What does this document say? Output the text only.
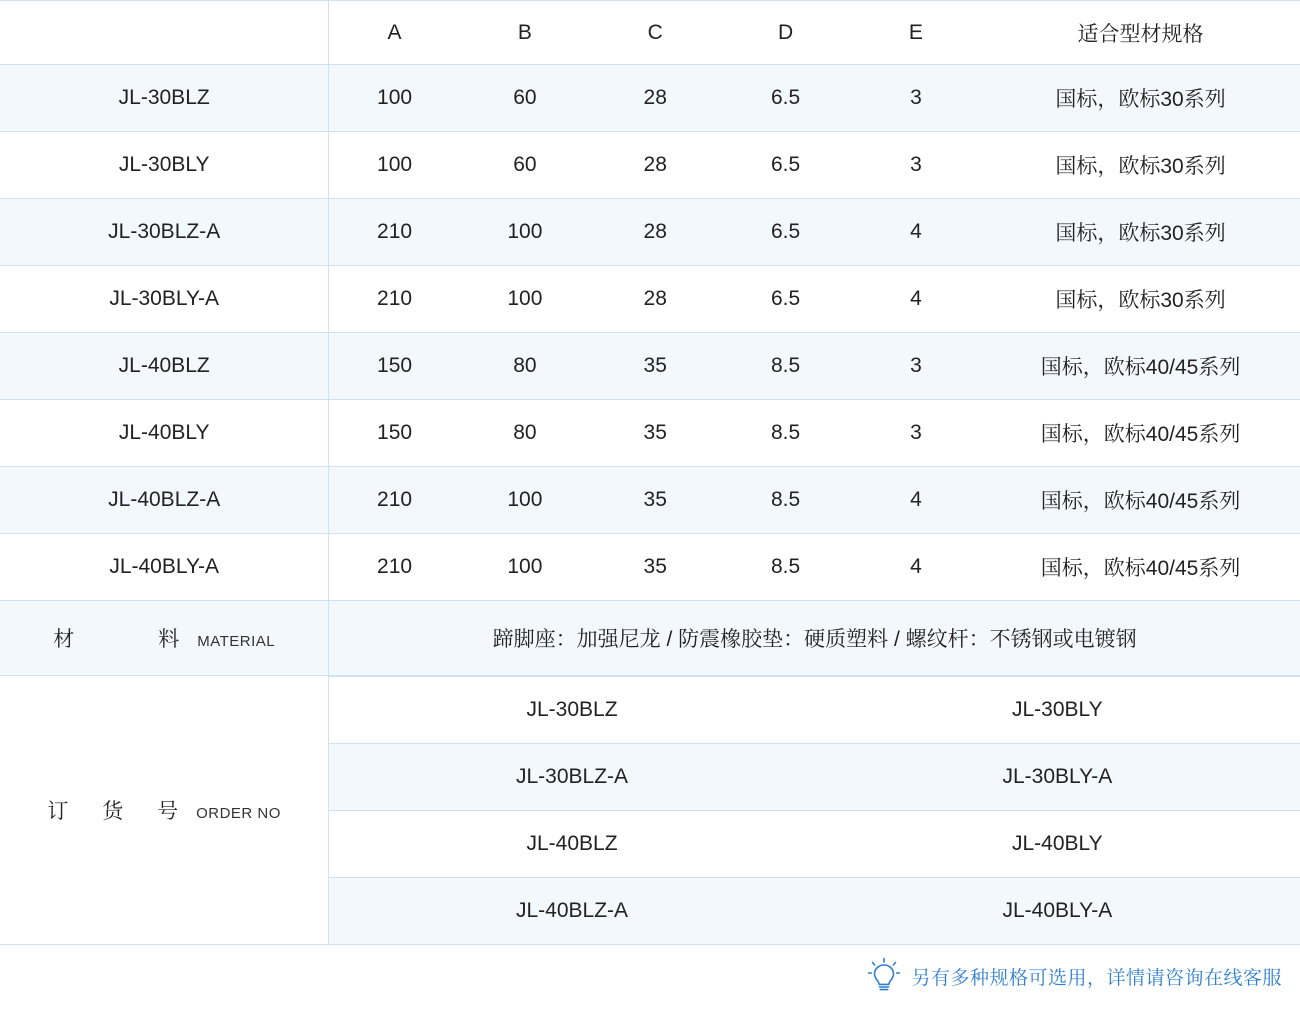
	A	B	C	D	E	适合型材规格
JL-30BLZ	100	60	28	6.5	3	国标，欧标30系列
JL-30BLY	100	60	28	6.5	3	国标，欧标30系列
JL-30BLZ-A	210	100	28	6.5	4	国标，欧标30系列
JL-30BLY-A	210	100	28	6.5	4	国标，欧标30系列
JL-40BLZ	150	80	35	8.5	3	国标，欧标40/45系列
JL-40BLY	150	80	35	8.5	3	国标，欧标40/45系列
JL-40BLZ-A	210	100	35	8.5	4	国标，欧标40/45系列
JL-40BLY-A	210	100	35	8.5	4	国标，欧标40/45系列
材　　料 MATERIAL	蹄脚座：加强尼龙 / 防震橡胶垫：硬质塑料 / 螺纹杆：不锈钢或电镀钢
订 货 号 ORDER NO	
JL-30BLZ	JL-30BLY
JL-30BLZ-A	JL-30BLY-A
JL-40BLZ	JL-40BLY
JL-40BLZ-A	JL-40BLY-A
另有多种规格可选用，详情请咨询在线客服
